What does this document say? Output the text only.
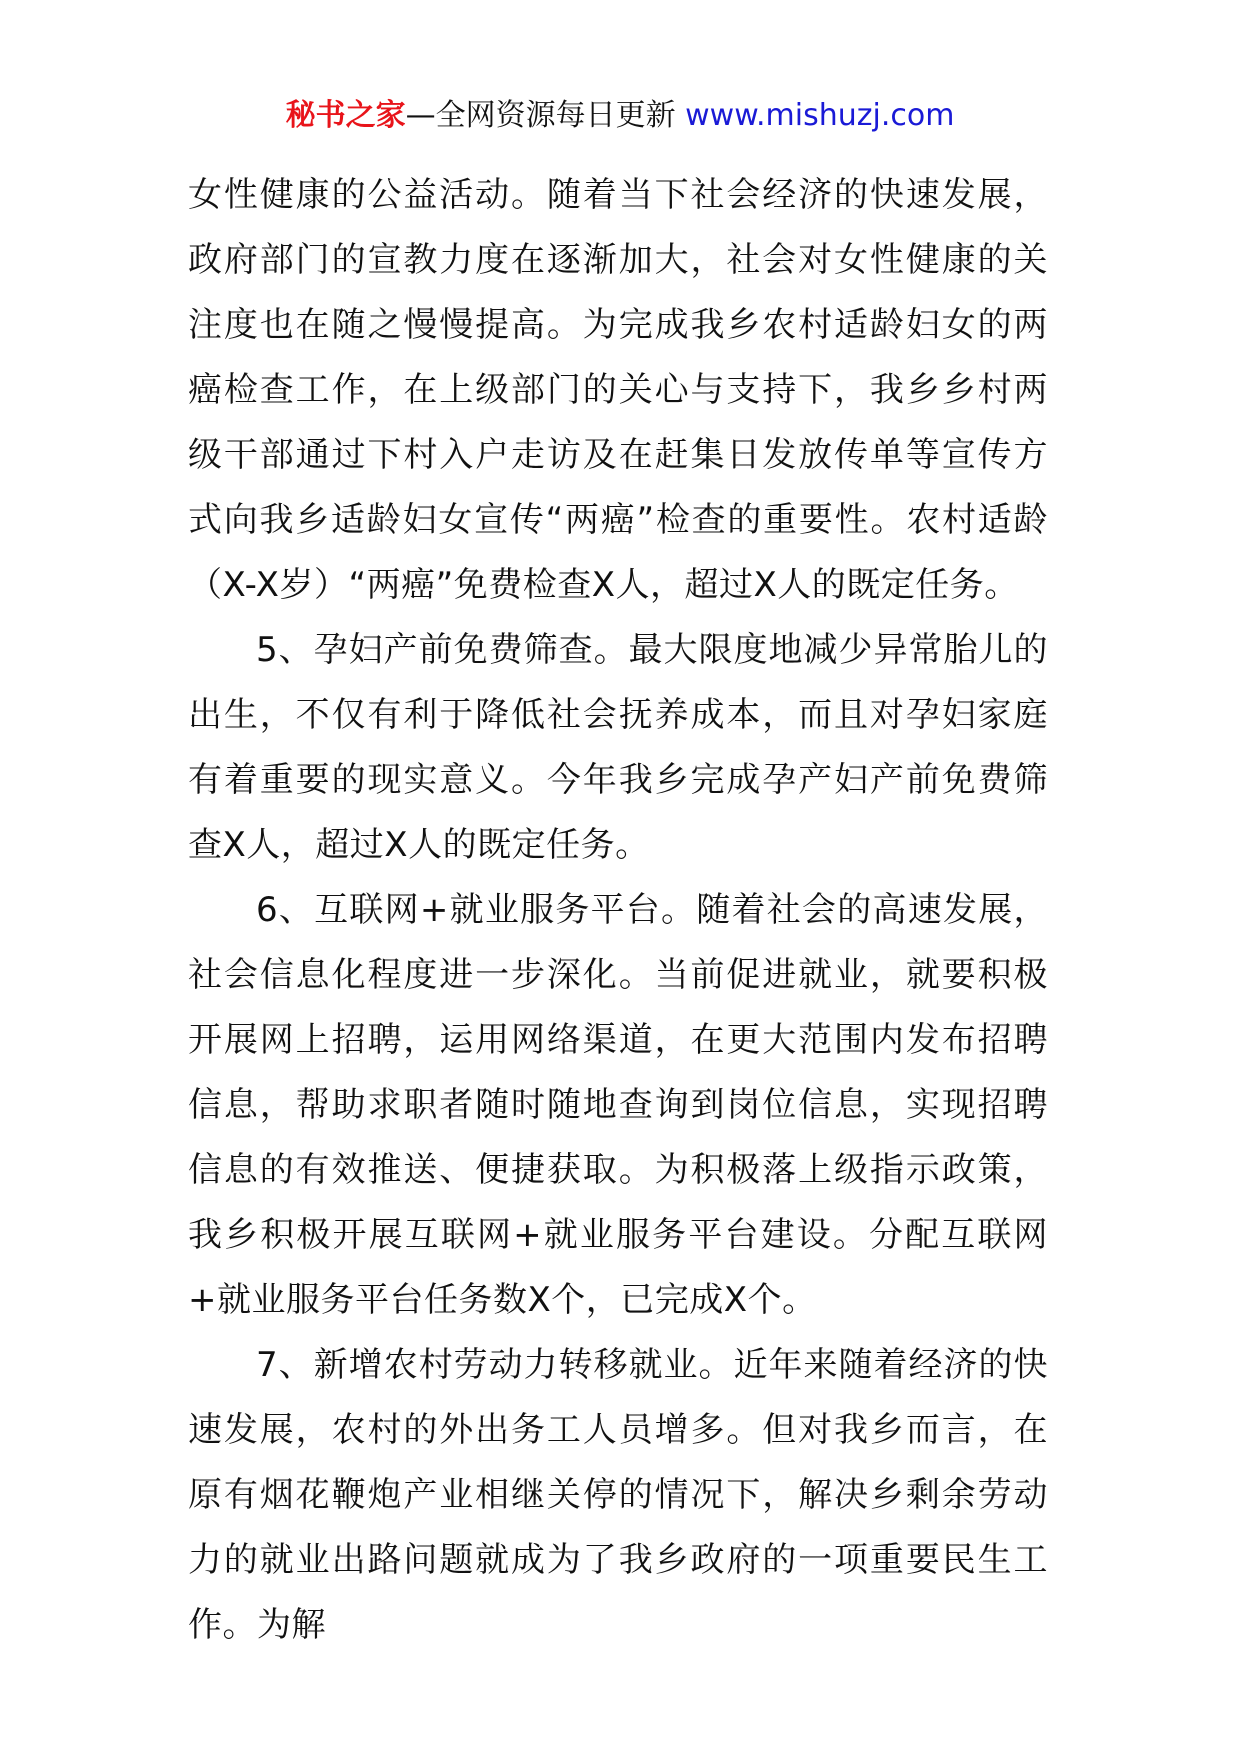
秘书之家—全网资源每日更新 www.mishuzj.com

女性健康的公益活动。随着当下社会经济的快速发展，政府部门的宣教力度在逐渐加大，社会对女性健康的关注度也在随之慢慢提高。为完成我乡农村适龄妇女的两癌检查工作，在上级部门的关心与支持下，我乡乡村两级干部通过下村入户走访及在赶集日发放传单等宣传方式向我乡适龄妇女宣传“两癌”检查的重要性。农村适龄（X-X岁）“两癌”免费检查X人，超过X人的既定任务。

5、孕妇产前免费筛查。最大限度地减少异常胎儿的出生，不仅有利于降低社会抚养成本，而且对孕妇家庭有着重要的现实意义。今年我乡完成孕产妇产前免费筛查X人，超过X人的既定任务。

6、互联网+就业服务平台。随着社会的高速发展，社会信息化程度进一步深化。当前促进就业，就要积极开展网上招聘，运用网络渠道，在更大范围内发布招聘信息，帮助求职者随时随地查询到岗位信息，实现招聘信息的有效推送、便捷获取。为积极落上级指示政策，我乡积极开展互联网+就业服务平台建设。分配互联网+就业服务平台任务数X个，已完成X个。

7、新增农村劳动力转移就业。近年来随着经济的快速发展，农村的外出务工人员增多。但对我乡而言，在原有烟花鞭炮产业相继关停的情况下，解决乡剩余劳动力的就业出路问题就成为了我乡政府的一项重要民生工作。为解
